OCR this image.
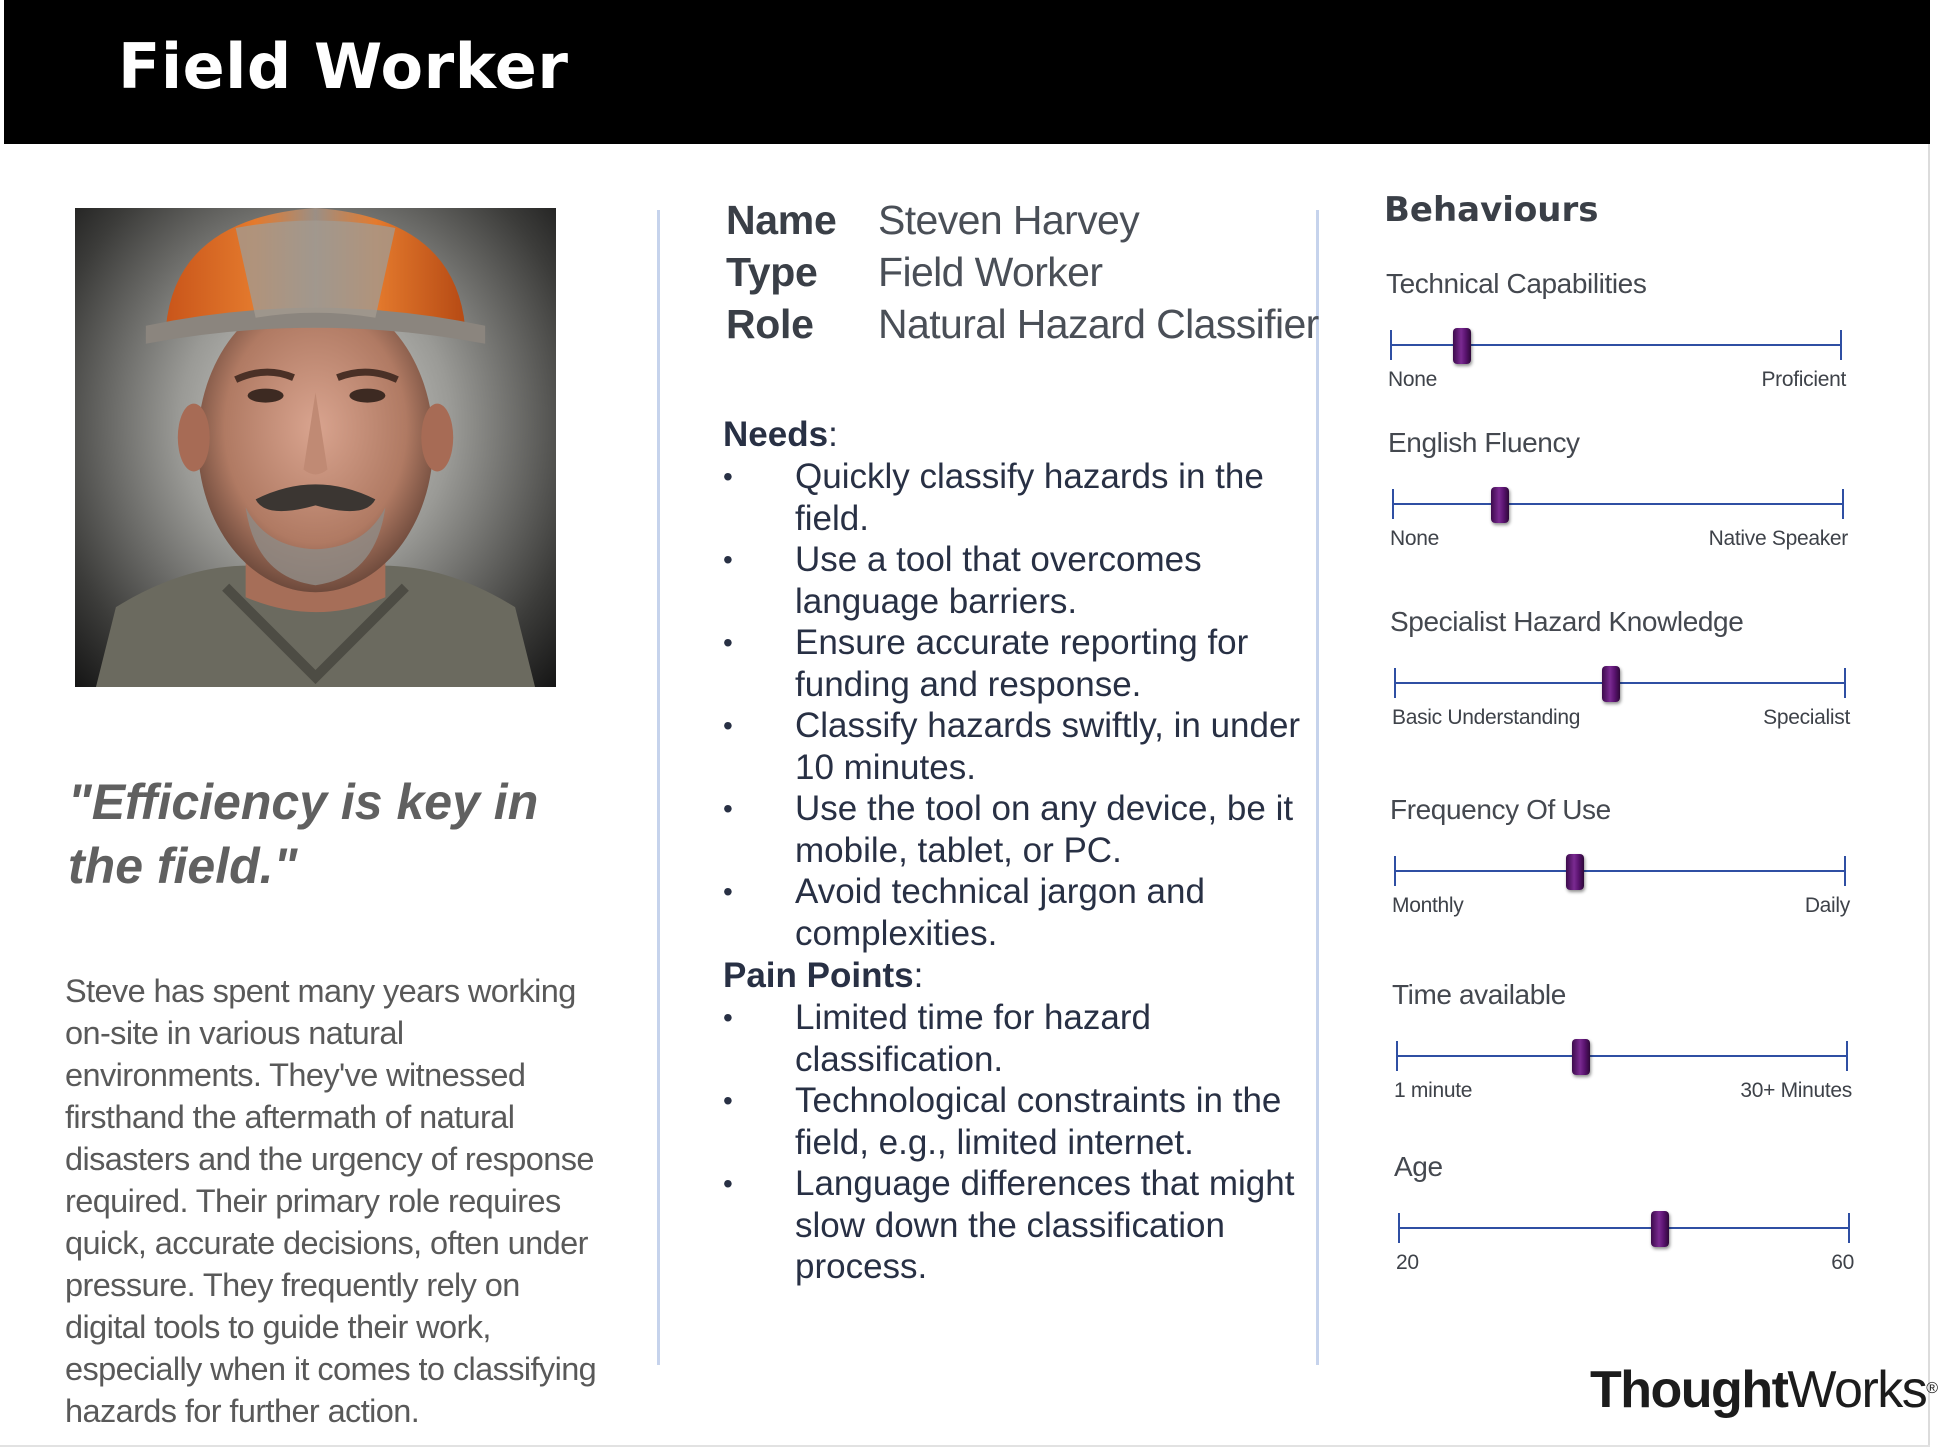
Field Worker
"Efficiency is key in the field."
Steve has spent many years working on-site in various natural environments. They've witnessed firsthand the aftermath of natural disasters and the urgency of response required. Their primary role requires quick, accurate decisions, often under pressure. They frequently rely on digital tools to guide their work, especially when it comes to classifying hazards for further action.
Name	Steven Harvey
Type	Field Worker
Role	Natural Hazard Classifier
Needs:
• Quickly classify hazards in the field.
• Use a tool that overcomes language barriers.
• Ensure accurate reporting for funding and response.
• Classify hazards swiftly, in under 10 minutes.
• Use the tool on any device, be it mobile, tablet, or PC.
• Avoid technical jargon and complexities.
Pain Points:
• Limited time for hazard classification.
• Technological constraints in the field, e.g., limited internet.
• Language differences that might slow down the classification process.
Behaviours
Technical Capabilities
None	Proficient
English Fluency
None	Native Speaker
Specialist Hazard Knowledge
Basic Understanding	Specialist
Frequency Of Use
Monthly	Daily
Time available
1 minute	30+ Minutes
Age
20	60
ThoughtWorks®
